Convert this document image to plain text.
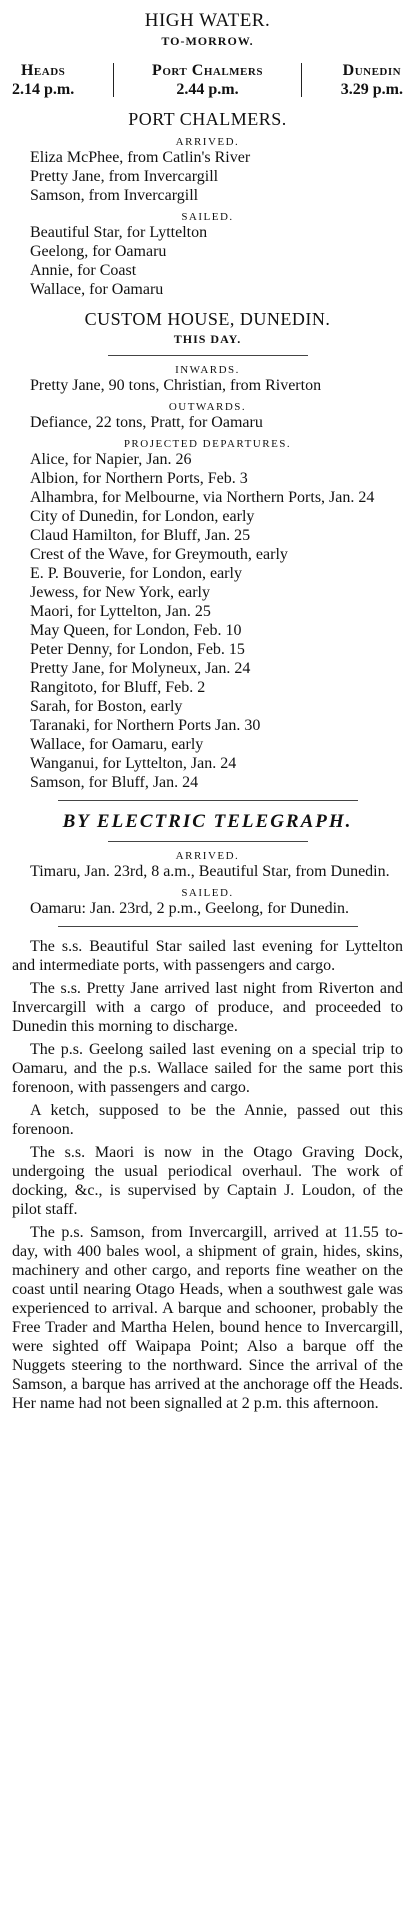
HIGH WATER.
TO-MORROW.
Heads
2.14 p.m.
Port Chalmers
2.44 p.m.
Dunedin
3.29 p.m.
PORT CHALMERS.
ARRIVED.
Eliza McPhee, from Catlin's River
Pretty Jane, from Invercargill
Samson, from Invercargill
SAILED.
Beautiful Star, for Lyttelton
Geelong, for Oamaru
Annie, for Coast
Wallace, for Oamaru
CUSTOM HOUSE, DUNEDIN.
THIS DAY.
INWARDS.
Pretty Jane, 90 tons, Christian, from Riverton
OUTWARDS.
Defiance, 22 tons, Pratt, for Oamaru
PROJECTED DEPARTURES.
Alice, for Napier, Jan. 26
Albion, for Northern Ports, Feb. 3
Alhambra, for Melbourne, via Northern Ports, Jan. 24
City of Dunedin, for London, early
Claud Hamilton, for Bluff, Jan. 25
Crest of the Wave, for Greymouth, early
E. P. Bouverie, for London, early
Jewess, for New York, early
Maori, for Lyttelton, Jan. 25
May Queen, for London, Feb. 10
Peter Denny, for London, Feb. 15
Pretty Jane, for Molyneux, Jan. 24
Rangitoto, for Bluff, Feb. 2
Sarah, for Boston, early
Taranaki, for Northern Ports Jan. 30
Wallace, for Oamaru, early
Wanganui, for Lyttelton, Jan. 24
Samson, for Bluff, Jan. 24
BY ELECTRIC TELEGRAPH.
ARRIVED.
Timaru, Jan. 23rd, 8 a.m., Beautiful Star, from Dunedin.
SAILED.
Oamaru: Jan. 23rd, 2 p.m., Geelong, for Dunedin.

The s.s. Beautiful Star sailed last evening for Lyttelton and intermediate ports, with passengers and cargo.

The s.s. Pretty Jane arrived last night from Riverton and Invercargill with a cargo of produce, and proceeded to Dunedin this morning to discharge.

The p.s. Geelong sailed last evening on a special trip to Oamaru, and the p.s. Wallace sailed for the same port this forenoon, with passengers and cargo.

A ketch, supposed to be the Annie, passed out this forenoon.

The s.s. Maori is now in the Otago Graving Dock, undergoing the usual periodical overhaul. The work of docking, &c., is supervised by Captain J. Loudon, of the pilot staff.

The p.s. Samson, from Invercargill, arrived at 11.55 to-day, with 400 bales wool, a shipment of grain, hides, skins, machinery and other cargo, and reports fine weather on the coast until nearing Otago Heads, when a southwest gale was experienced to arrival. A barque and schooner, probably the Free Trader and Martha Helen, bound hence to Invercargill, were sighted off Waipapa Point; Also a barque off the Nuggets steering to the northward. Since the arrival of the Samson, a barque has arrived at the anchorage off the Heads. Her name had not been signalled at 2 p.m. this afternoon.
